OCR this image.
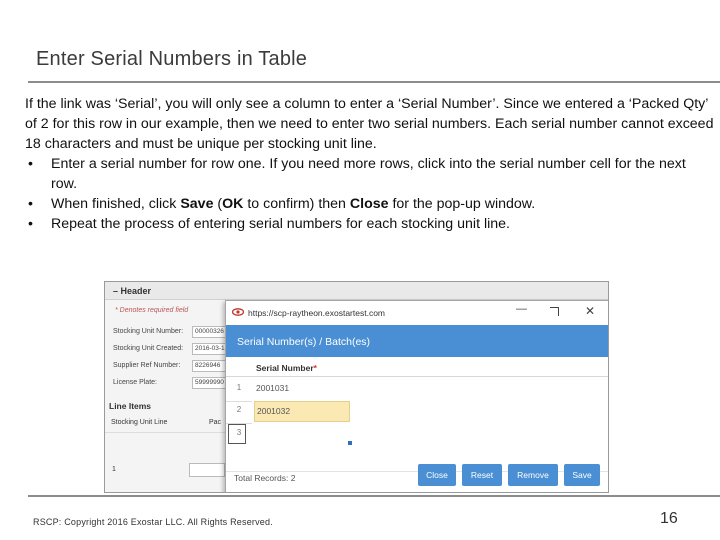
Enter Serial Numbers in Table

If the link was ‘Serial’, you will only see a column to enter a ‘Serial Number’. Since we entered a ‘Packed Qty’ of 2 for this row in our example, then we need to enter two serial numbers. Each serial number cannot exceed 18 characters and must be unique per stocking unit line.

• Enter a serial number for row one. If you need more rows, click into the serial number cell for the next row.
• When finished, click Save (OK to confirm) then Close for the pop-up window.
• Repeat the process of entering serial numbers for each stocking unit line.
– Header
* Denotes required field
Stocking Unit Number:	00000326
Stocking Unit Created:	2016-03-1
Supplier Ref Number:	8226946
License Plate:	59999990
Line Items
Stocking Unit Line	Pac
1
https://scp-raytheon.exostartest.com	—	✕
Serial Number(s) / Batch(es)
Serial Number*
1	2001031
2	2001032
3
Total Records: 2	Close	Reset	Remove	Save
RSCP: Copyright 2016 Exostar LLC. All Rights Reserved.	16
